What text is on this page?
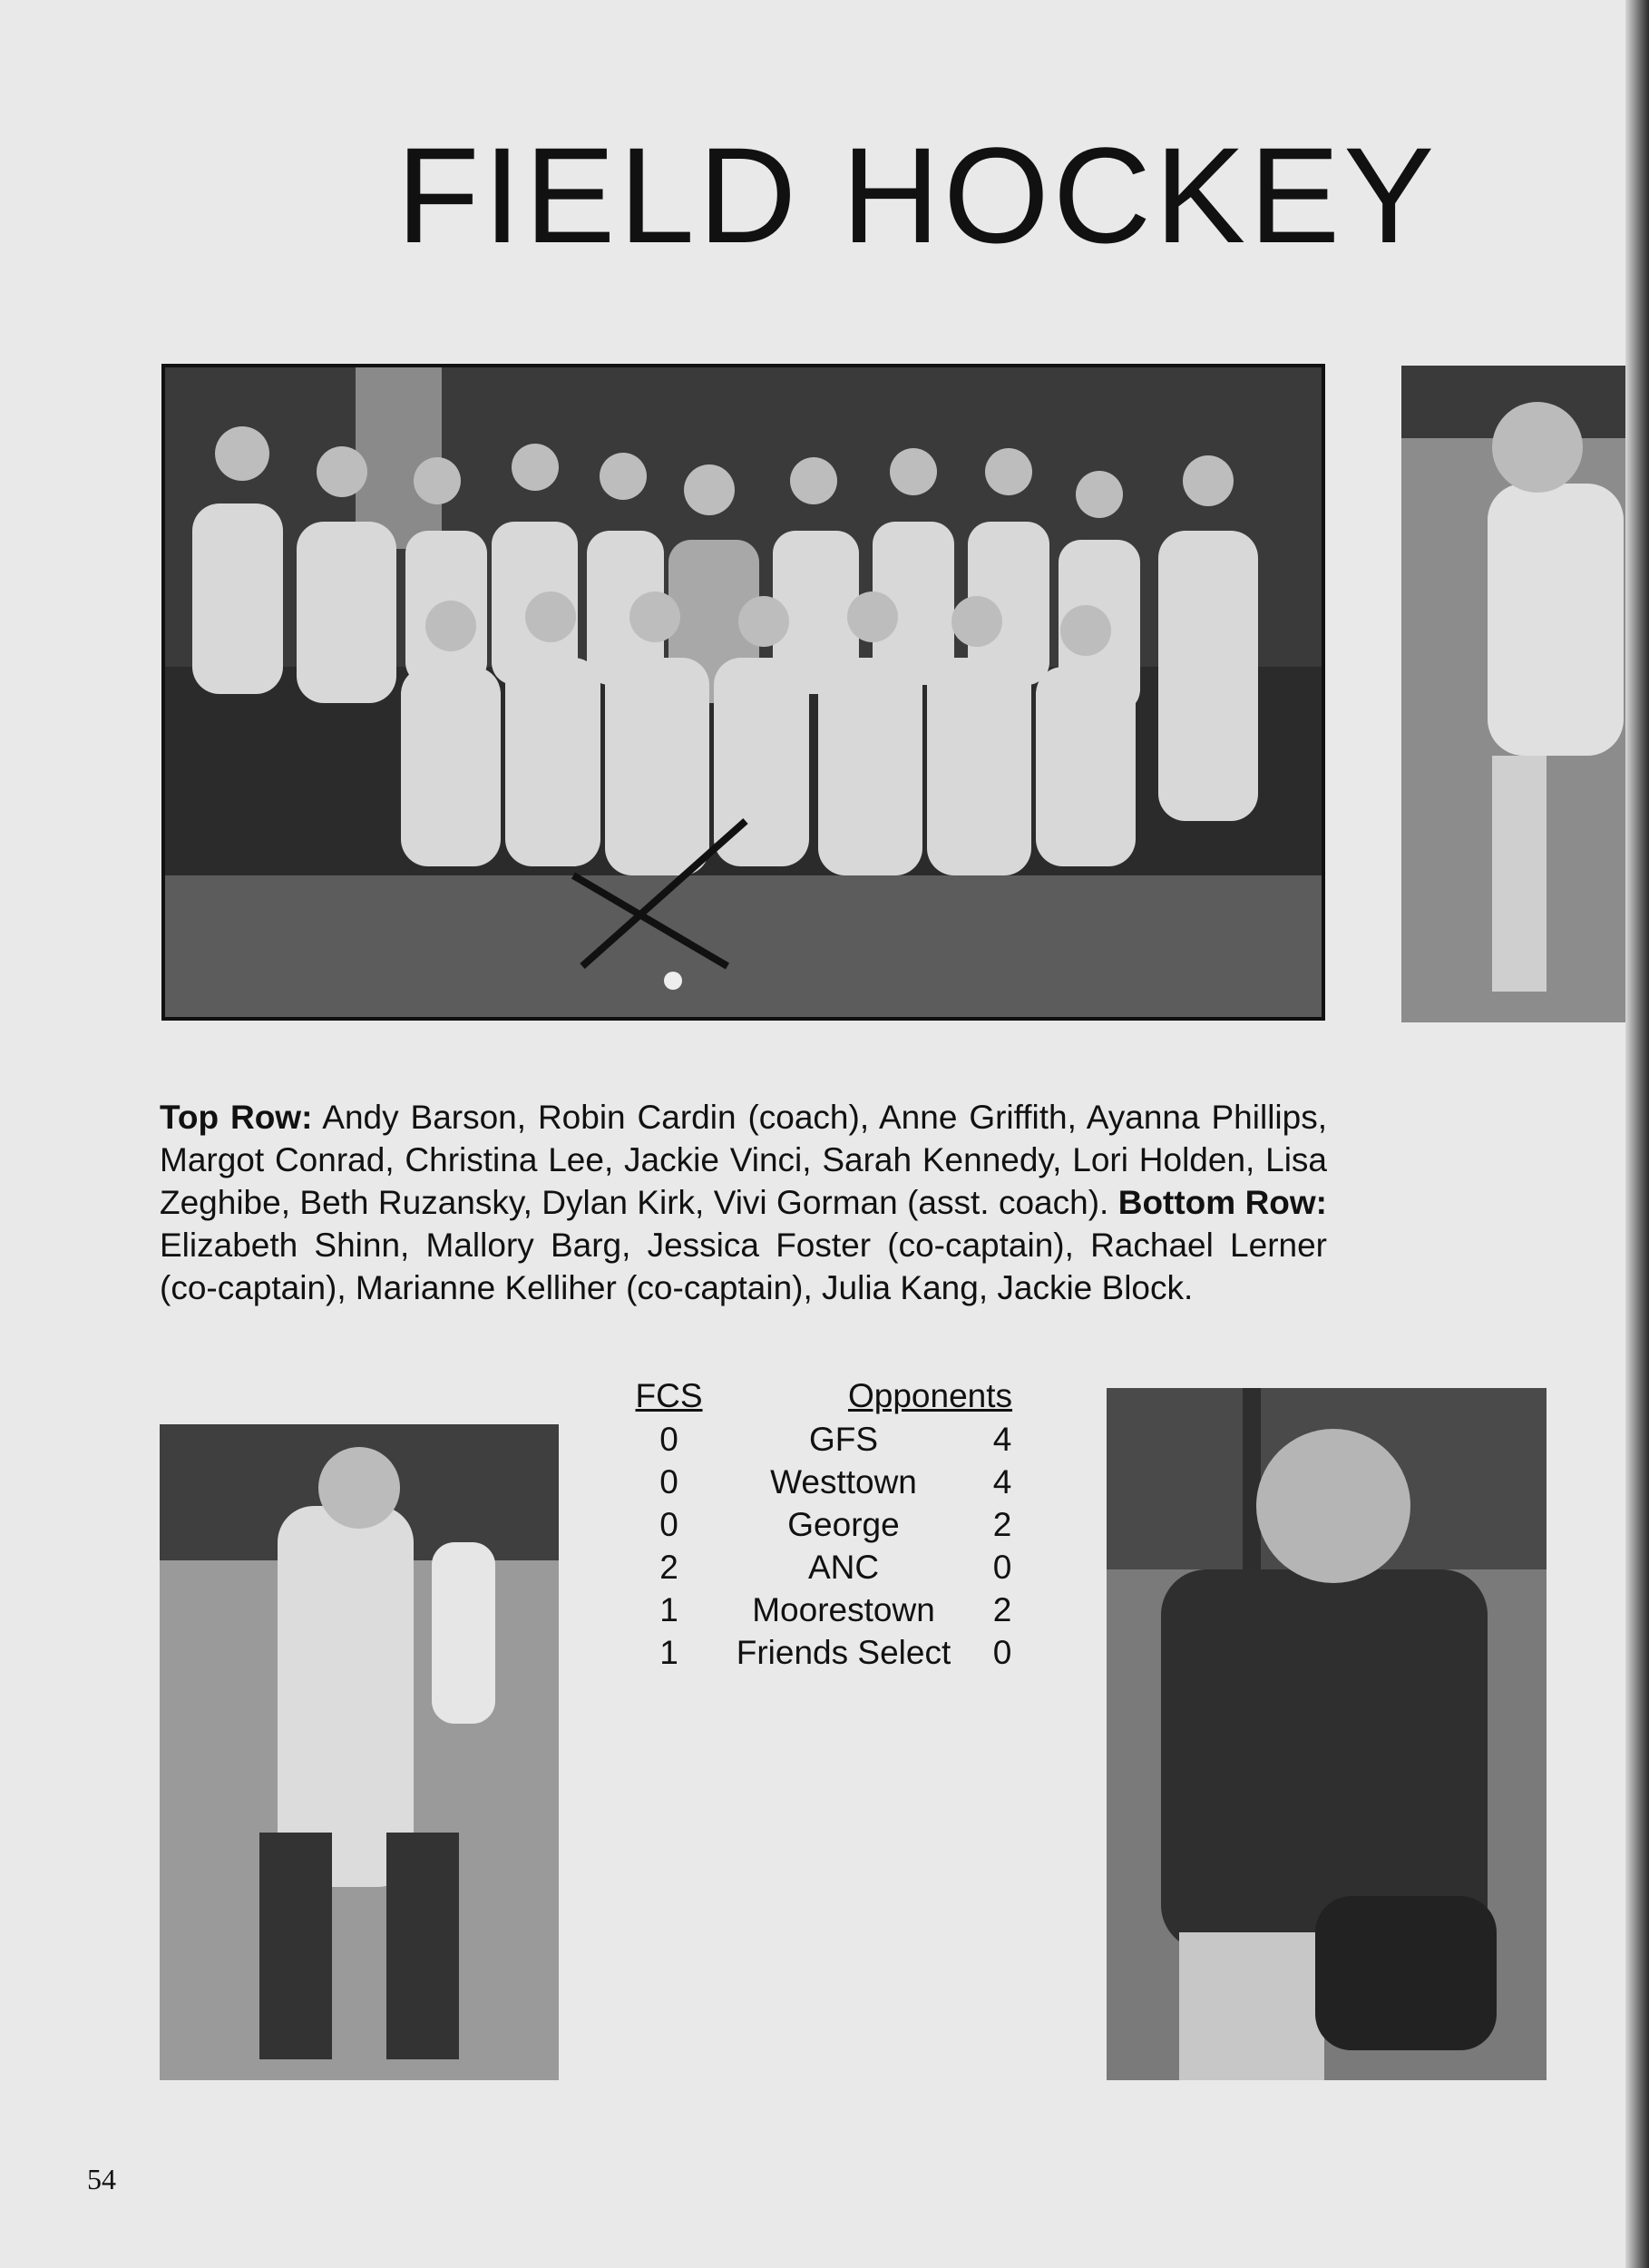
FIELD HOCKEY

Top Row: Andy Barson, Robin Cardin (coach), Anne Griffith, Ayanna Phillips, Margot Conrad, Christina Lee, Jackie Vinci, Sarah Kennedy, Lori Holden, Lisa Zeghibe, Beth Ruzansky, Dylan Kirk, Vivi Gorman (asst. coach). Bottom Row: Elizabeth Shinn, Mallory Barg, Jessica Foster (co-captain), Rachael Lerner (co-captain), Marianne Kelliher (co-captain), Julia Kang, Jackie Block.

FCS	Opponents
0	GFS	4
0	Westtown	4
0	George	2
2	ANC	0
1	Moorestown	2
1	Friends Select	0
54
